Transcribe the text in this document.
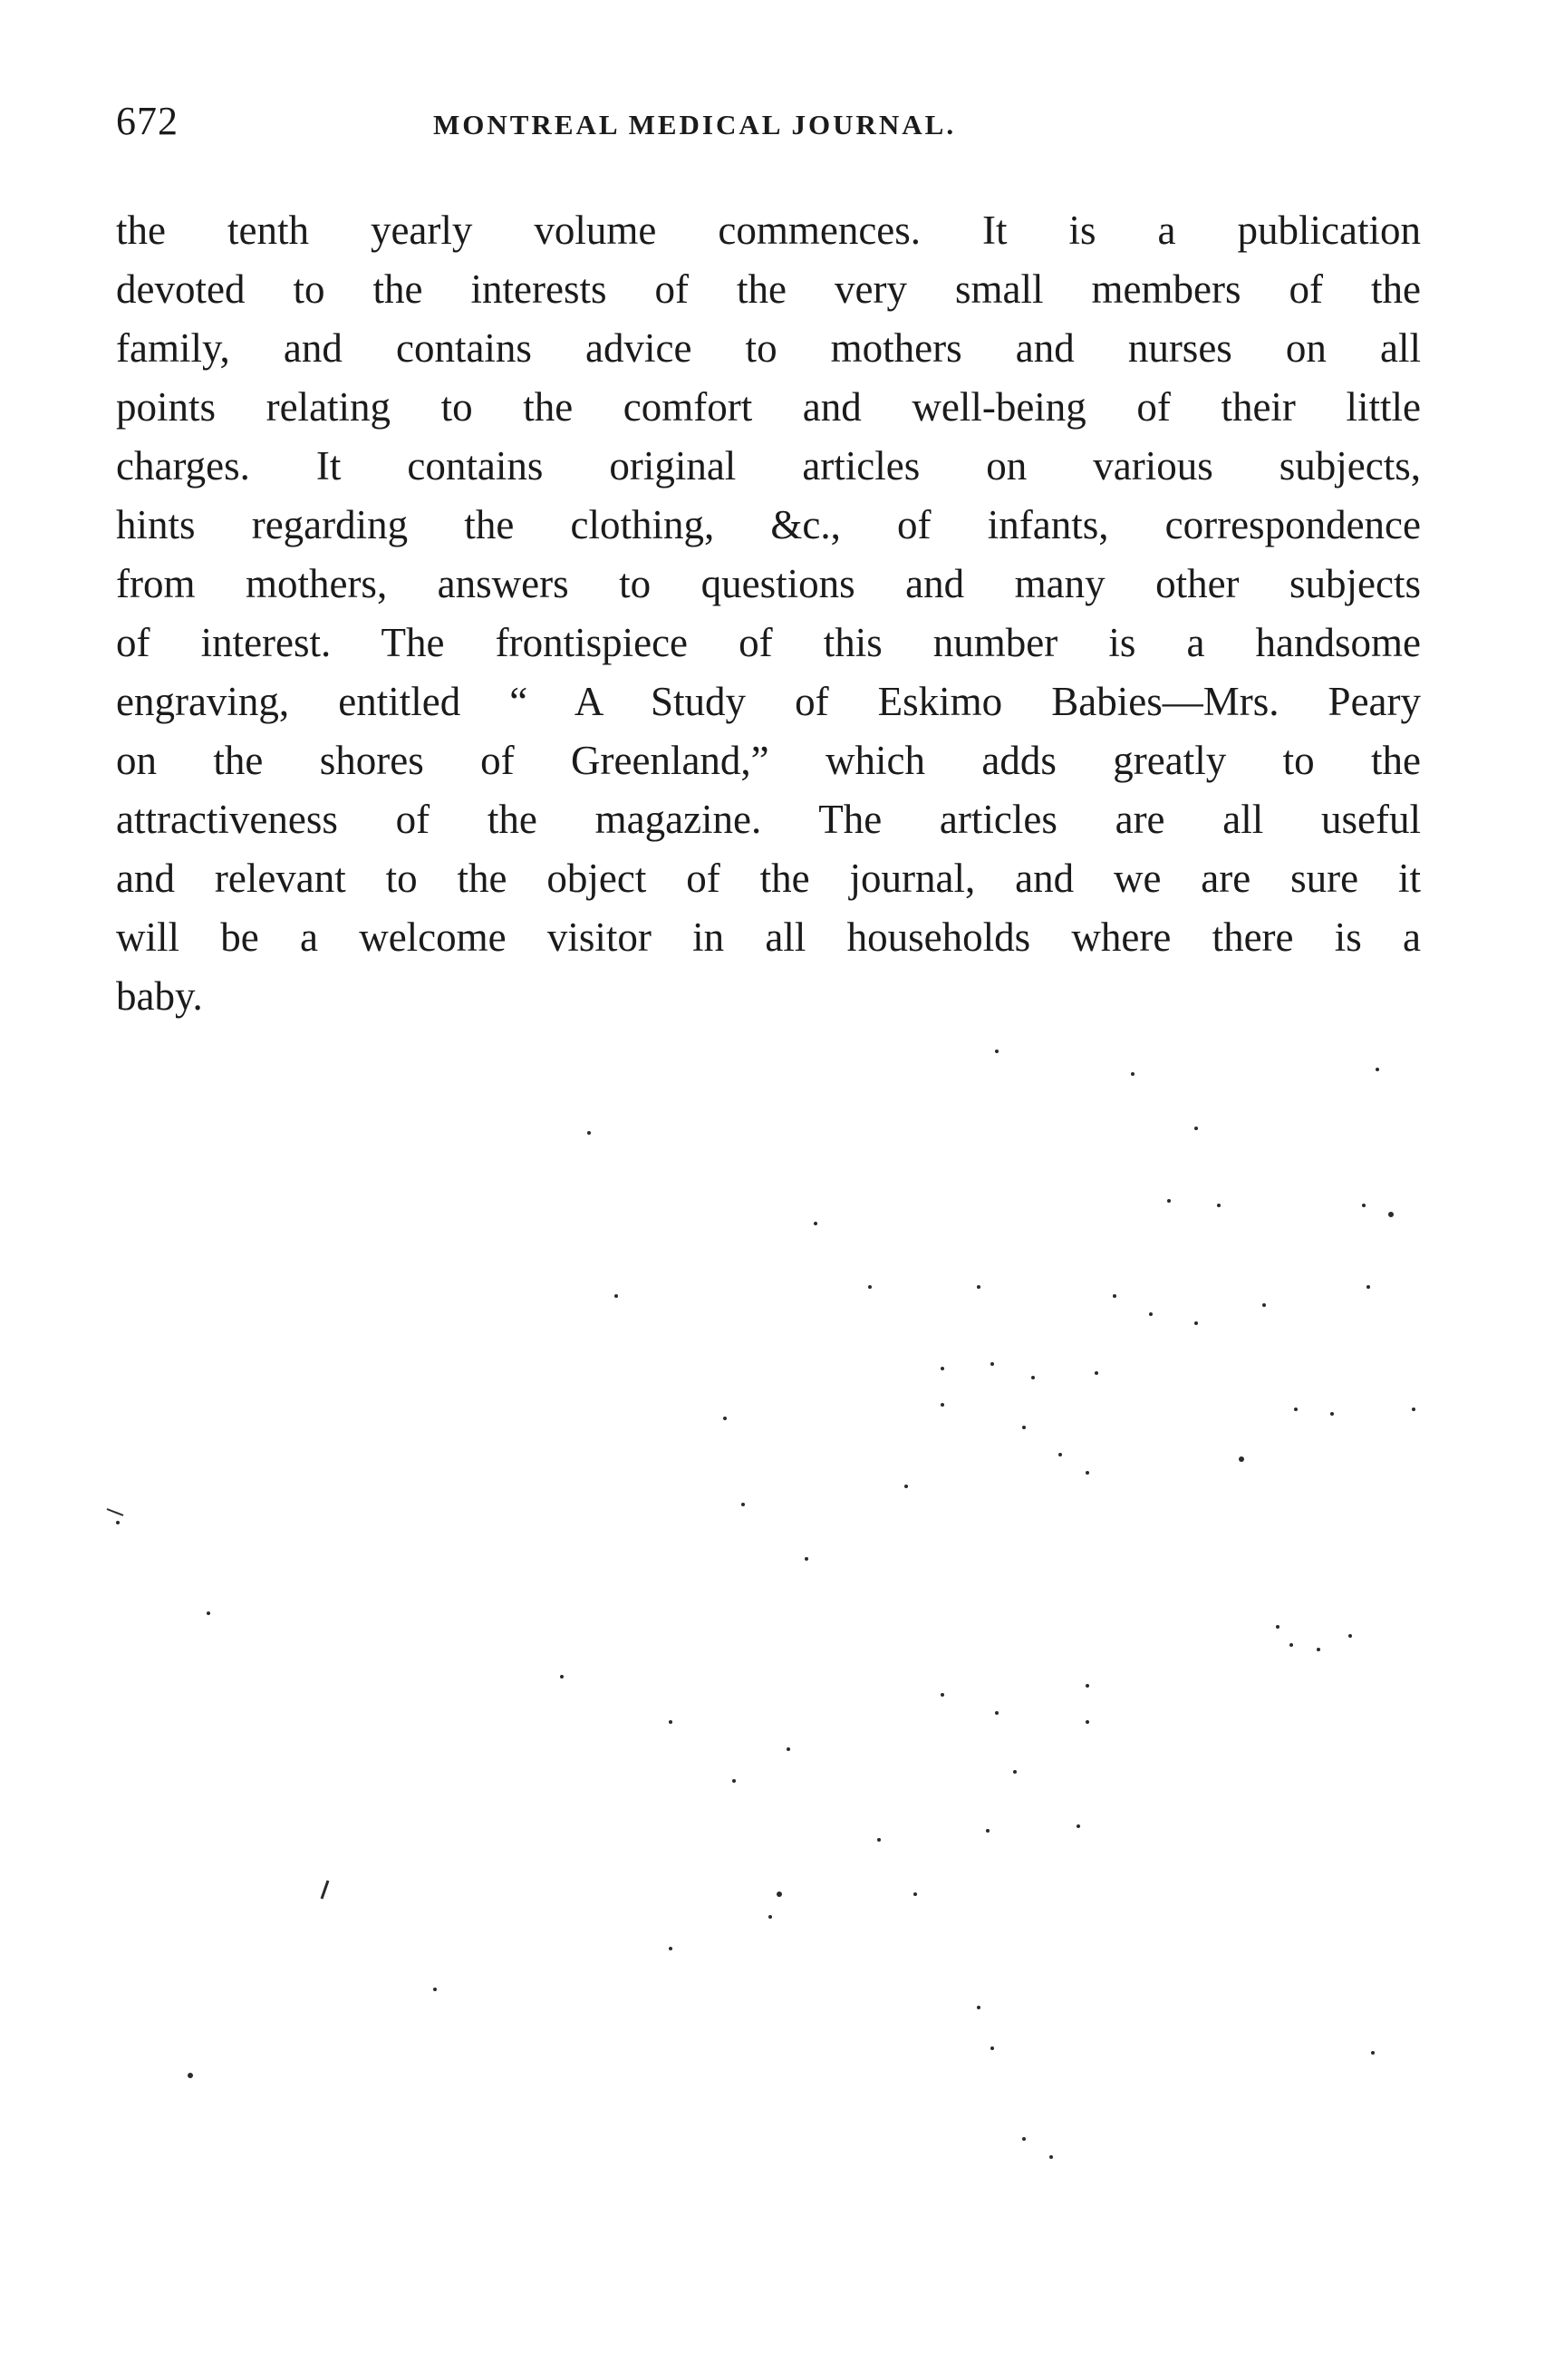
672	MONTREAL MEDICAL JOURNAL.
the tenth yearly volume commences. It is a publication
devoted to the interests of the very small members of the
family, and contains advice to mothers and nurses on all
points relating to the comfort and well-being of their little
charges. It contains original articles on various subjects,
hints regarding the clothing, &c., of infants, correspondence
from mothers, answers to questions and many other subjects
of interest. The frontispiece of this number is a handsome
engraving, entitled “ A Study of Eskimo Babies—Mrs. Peary
on the shores of Greenland,” which adds greatly to the
attractiveness of the magazine. The articles are all useful
and relevant to the object of the journal, and we are sure it
will be a welcome visitor in all households where there is a
baby.
